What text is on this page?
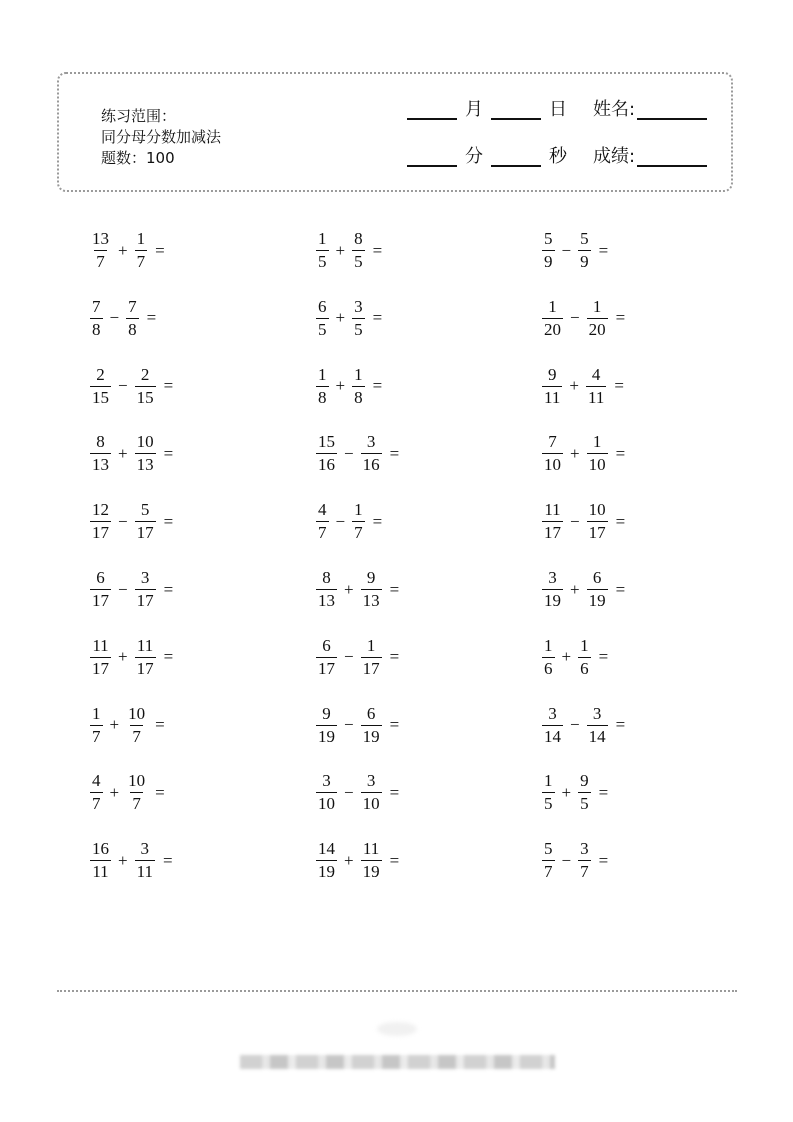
练习范围：
同分母分数加减法
题数：100
月	日 姓名:
分	秒 成绩:
$\frac{13}{7} + \frac{1}{7}$ =	$\frac{1}{5} + \frac{8}{5}$ =	$\frac{5}{9} - \frac{5}{9}$ =
$\frac{7}{8} - \frac{7}{8}$ =	$\frac{6}{5} + \frac{3}{5}$ =	$\frac{1}{20} - \frac{1}{20}$ =
$\frac{2}{15} - \frac{2}{15}$ =	$\frac{1}{8} + \frac{1}{8}$ =	$\frac{9}{11} + \frac{4}{11}$ =
$\frac{8}{13} + \frac{10}{13}$ =	$\frac{15}{16} - \frac{3}{16}$ =	$\frac{7}{10} + \frac{1}{10}$ =
$\frac{12}{17} - \frac{5}{17}$ =	$\frac{4}{7} - \frac{1}{7}$ =	$\frac{11}{17} - \frac{10}{17}$ =
$\frac{6}{17} - \frac{3}{17}$ =	$\frac{8}{13} + \frac{9}{13}$ =	$\frac{3}{19} + \frac{6}{19}$ =
$\frac{11}{17} + \frac{11}{17}$ =	$\frac{6}{17} - \frac{1}{17}$ =	$\frac{1}{6} + \frac{1}{6}$ =
$\frac{1}{7} + \frac{10}{7}$ =	$\frac{9}{19} - \frac{6}{19}$ =	$\frac{3}{14} - \frac{3}{14}$ =
$\frac{4}{7} + \frac{10}{7}$ =	$\frac{3}{10} - \frac{3}{10}$ =	$\frac{1}{5} + \frac{9}{5}$ =
$\frac{16}{11} + \frac{3}{11}$ =	$\frac{14}{19} + \frac{11}{19}$ =	$\frac{5}{7} - \frac{3}{7}$ =
